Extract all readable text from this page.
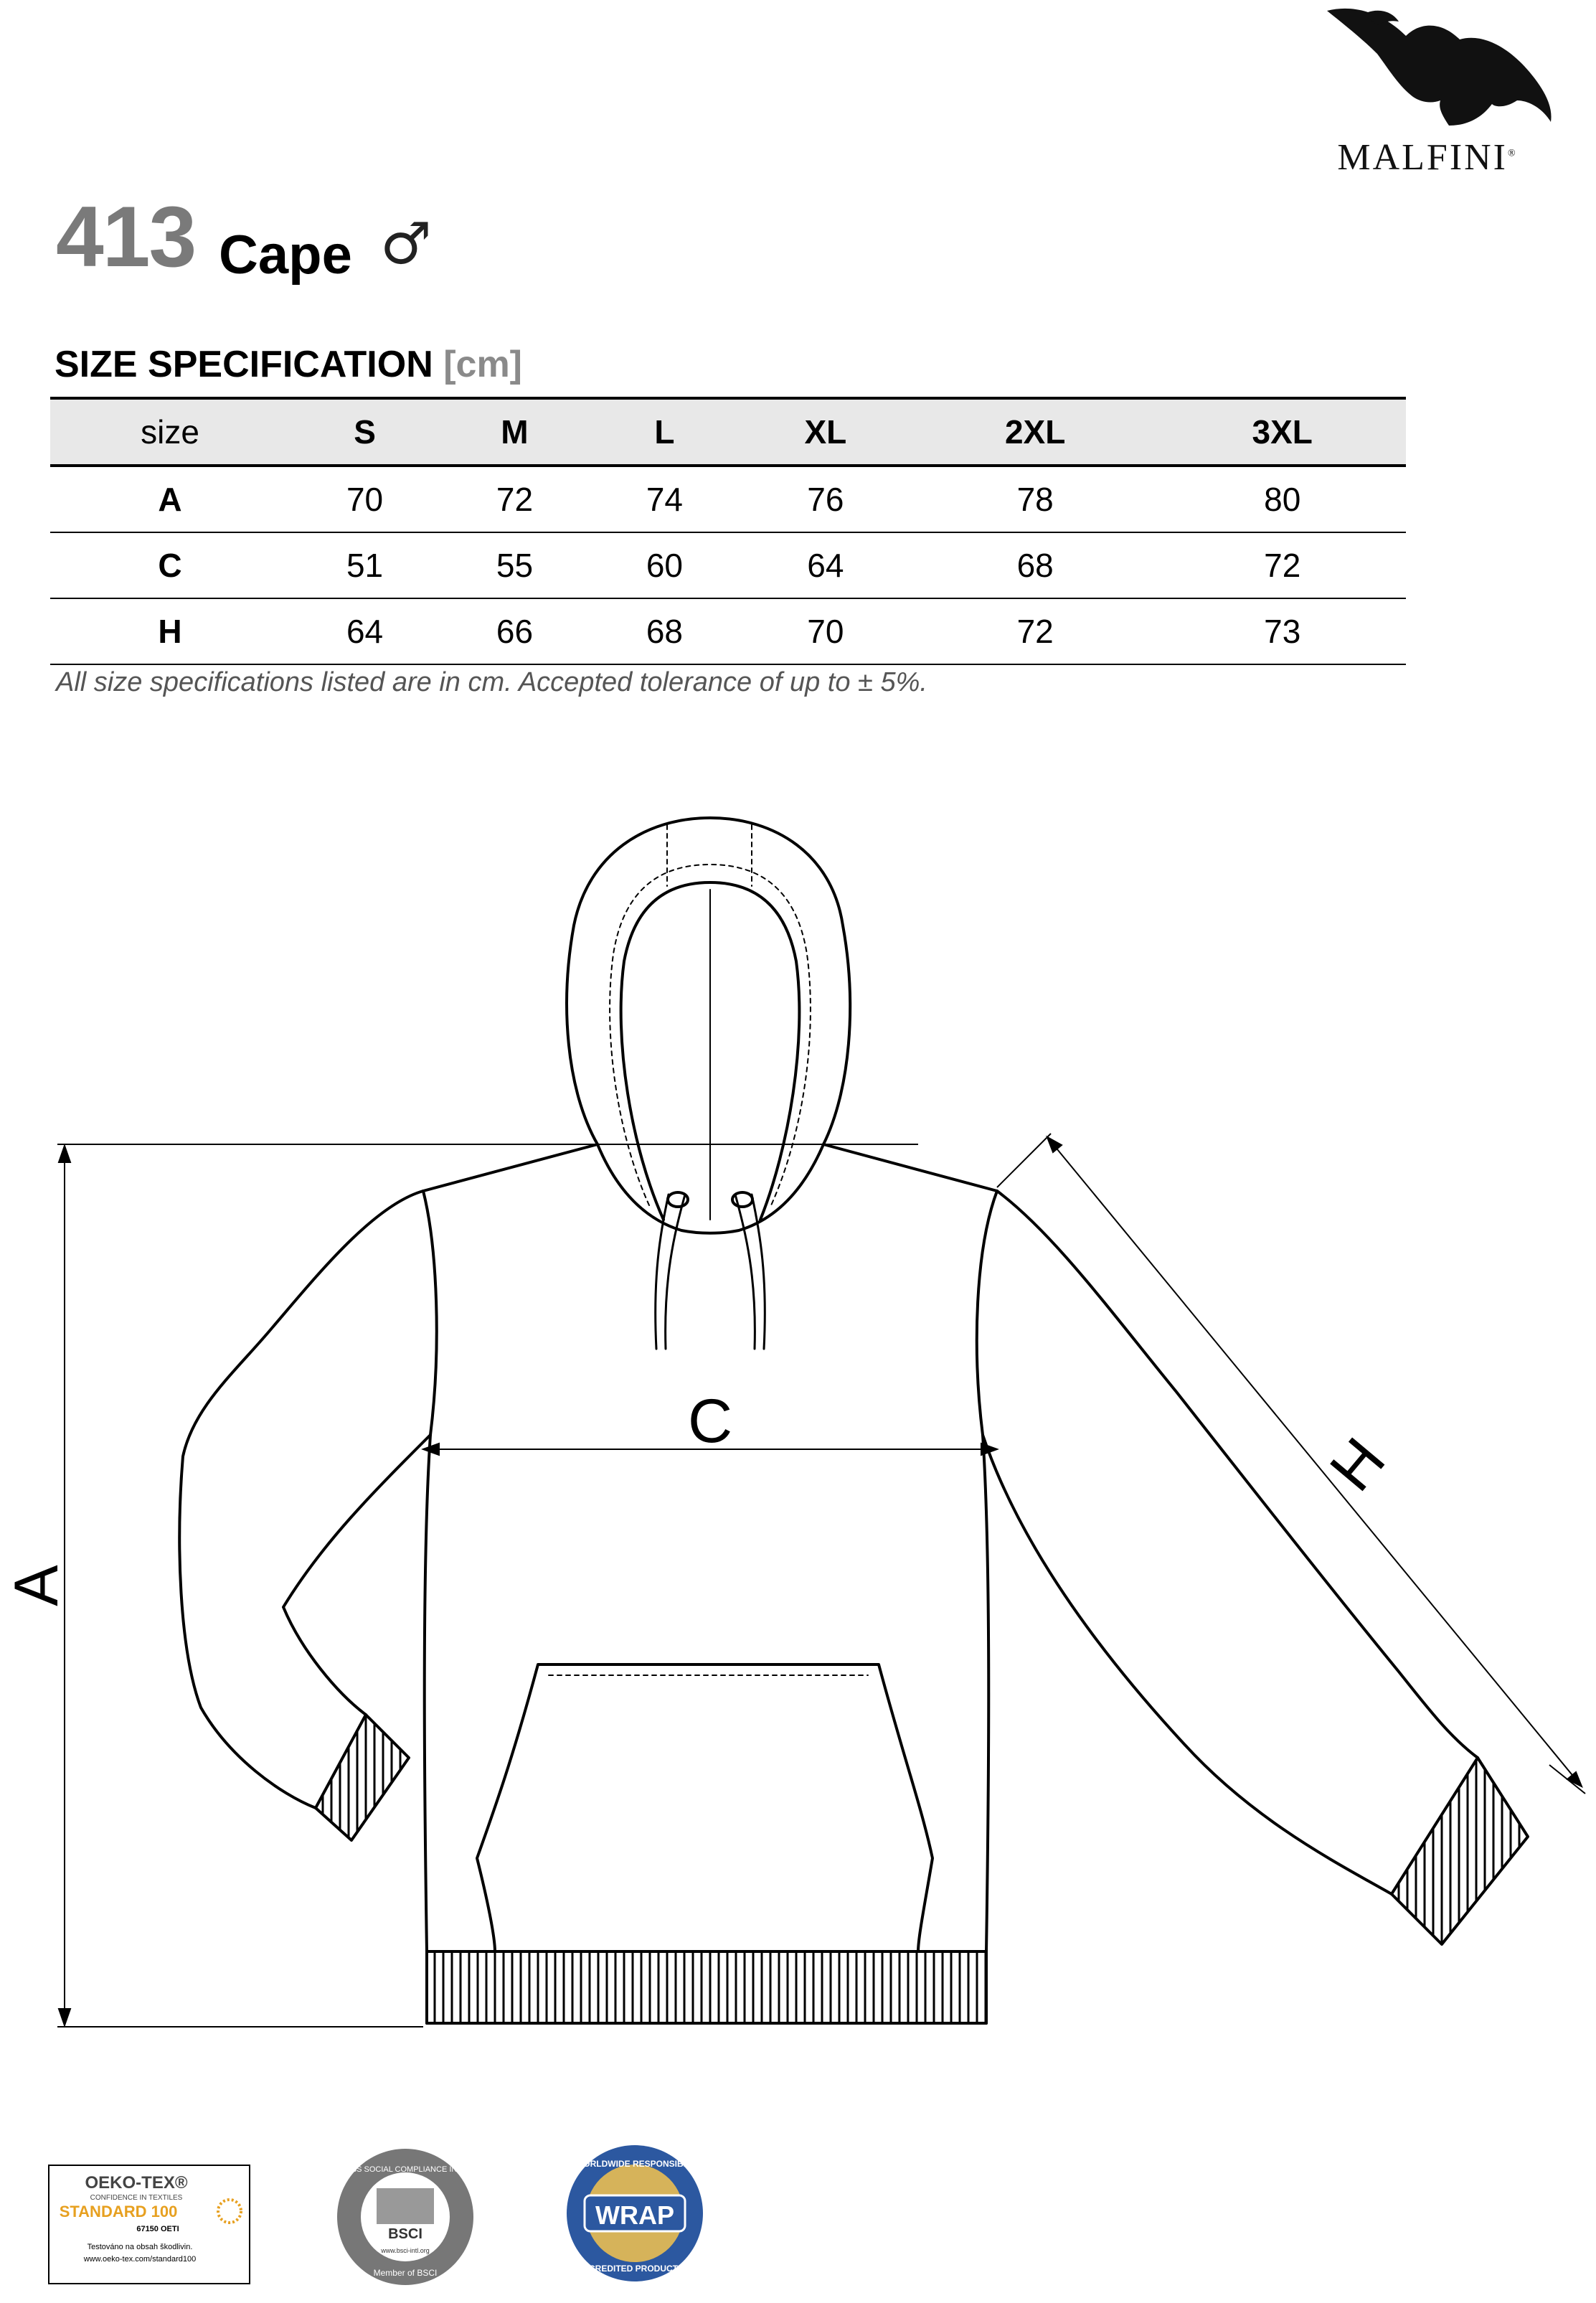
MALFINI®
413 Cape ♂
SIZE SPECIFICATION [cm]
size	S	M	L	XL	2XL	3XL
A	70	72	74	76	78	80
C	51	55	60	64	68	72
H	64	66	68	70	72	73
All size specifications listed are in cm. Accepted tolerance of up to ± 5%.
C
A
H
OEKO-TEX®
CONFIDENCE IN TEXTILES
STANDARD 100
67150 OETI
Testováno na obsah škodlivin.
www.oeko-tex.com/standard100
BSCI
www.bsci-intl.org
BUSINESS SOCIAL COMPLIANCE INITIATIVE
Member of BSCI
WRAP
WORLDWIDE RESPONSIBLE
ACCREDITED PRODUCTION
